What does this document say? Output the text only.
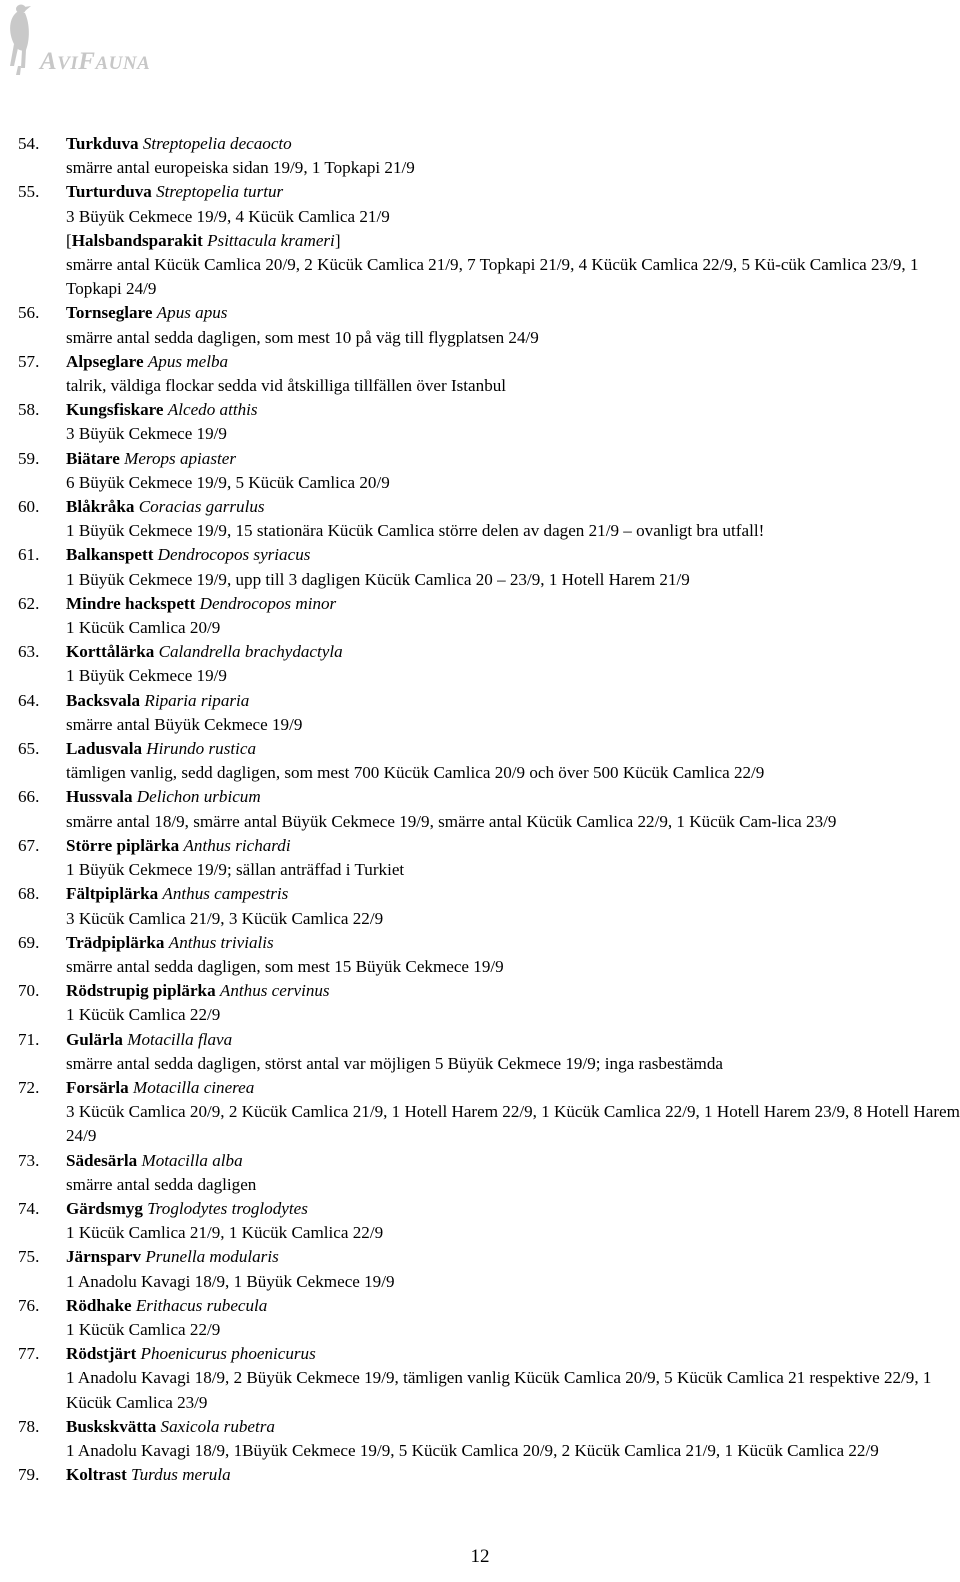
AVIFAUNA
54. Turkduva Streptopelia decaocto
smärre antal europeiska sidan 19/9, 1 Topkapi 21/9
55. Turturduva Streptopelia turtur
3 Büyük Cekmece 19/9, 4 Kücük Camlica 21/9
[Halsbandsparakit Psittacula krameri]
smärre antal Kücük Camlica 20/9, 2 Kücük Camlica 21/9, 7 Topkapi 21/9, 4 Kücük Camlica 22/9, 5 Kü-cük Camlica 23/9, 1 Topkapi 24/9
56. Tornseglare Apus apus
smärre antal sedda dagligen, som mest 10 på väg till flygplatsen 24/9
57. Alpseglare Apus melba
talrik, väldiga flockar sedda vid åtskilliga tillfällen över Istanbul
58. Kungsfiskare Alcedo atthis
3 Büyük Cekmece 19/9
59. Biätare Merops apiaster
6 Büyük Cekmece 19/9, 5 Kücük Camlica 20/9
60. Blåkråka Coracias garrulus
1 Büyük Cekmece 19/9, 15 stationära Kücük Camlica större delen av dagen 21/9 – ovanligt bra utfall!
61. Balkanspett Dendrocopos syriacus
1 Büyük Cekmece 19/9, upp till 3 dagligen Kücük Camlica 20 – 23/9, 1 Hotell Harem 21/9
62. Mindre hackspett Dendrocopos minor
1 Kücük Camlica 20/9
63. Korttålärka Calandrella brachydactyla
1 Büyük Cekmece 19/9
64. Backsvala Riparia riparia
smärre antal Büyük Cekmece 19/9
65. Ladusvala Hirundo rustica
tämligen vanlig, sedd dagligen, som mest 700 Kücük Camlica 20/9 och över 500 Kücük Camlica 22/9
66. Hussvala Delichon urbicum
smärre antal 18/9, smärre antal Büyük Cekmece 19/9, smärre antal Kücük Camlica 22/9, 1 Kücük Cam-lica 23/9
67. Större piplärka Anthus richardi
1 Büyük Cekmece 19/9; sällan anträffad i Turkiet
68. Fältpiplärka Anthus campestris
3 Kücük Camlica 21/9, 3 Kücük Camlica 22/9
69. Trädpiplärka Anthus trivialis
smärre antal sedda dagligen, som mest 15 Büyük Cekmece 19/9
70. Rödstrupig piplärka Anthus cervinus
1 Kücük Camlica 22/9
71. Gulärla Motacilla flava
smärre antal sedda dagligen, störst antal var möjligen 5 Büyük Cekmece 19/9; inga rasbestämda
72. Forsärla Motacilla cinerea
3 Kücük Camlica 20/9, 2 Kücük Camlica 21/9, 1 Hotell Harem 22/9, 1 Kücük Camlica 22/9, 1 Hotell Harem 23/9, 8 Hotell Harem 24/9
73. Sädesärla Motacilla alba
smärre antal sedda dagligen
74. Gärdsmyg Troglodytes troglodytes
1 Kücük Camlica 21/9, 1 Kücük Camlica 22/9
75. Järnsparv Prunella modularis
1 Anadolu Kavagi 18/9, 1 Büyük Cekmece 19/9
76. Rödhake Erithacus rubecula
1 Kücük Camlica 22/9
77. Rödstjärt Phoenicurus phoenicurus
1 Anadolu Kavagi 18/9, 2 Büyük Cekmece 19/9, tämligen vanlig Kücük Camlica 20/9, 5 Kücük Camlica 21 respektive 22/9, 1 Kücük Camlica 23/9
78. Buskskvätta Saxicola rubetra
1 Anadolu Kavagi 18/9, 1Büyük Cekmece 19/9, 5 Kücük Camlica 20/9, 2 Kücük Camlica 21/9, 1 Kücük Camlica 22/9
79. Koltrast Turdus merula
12
